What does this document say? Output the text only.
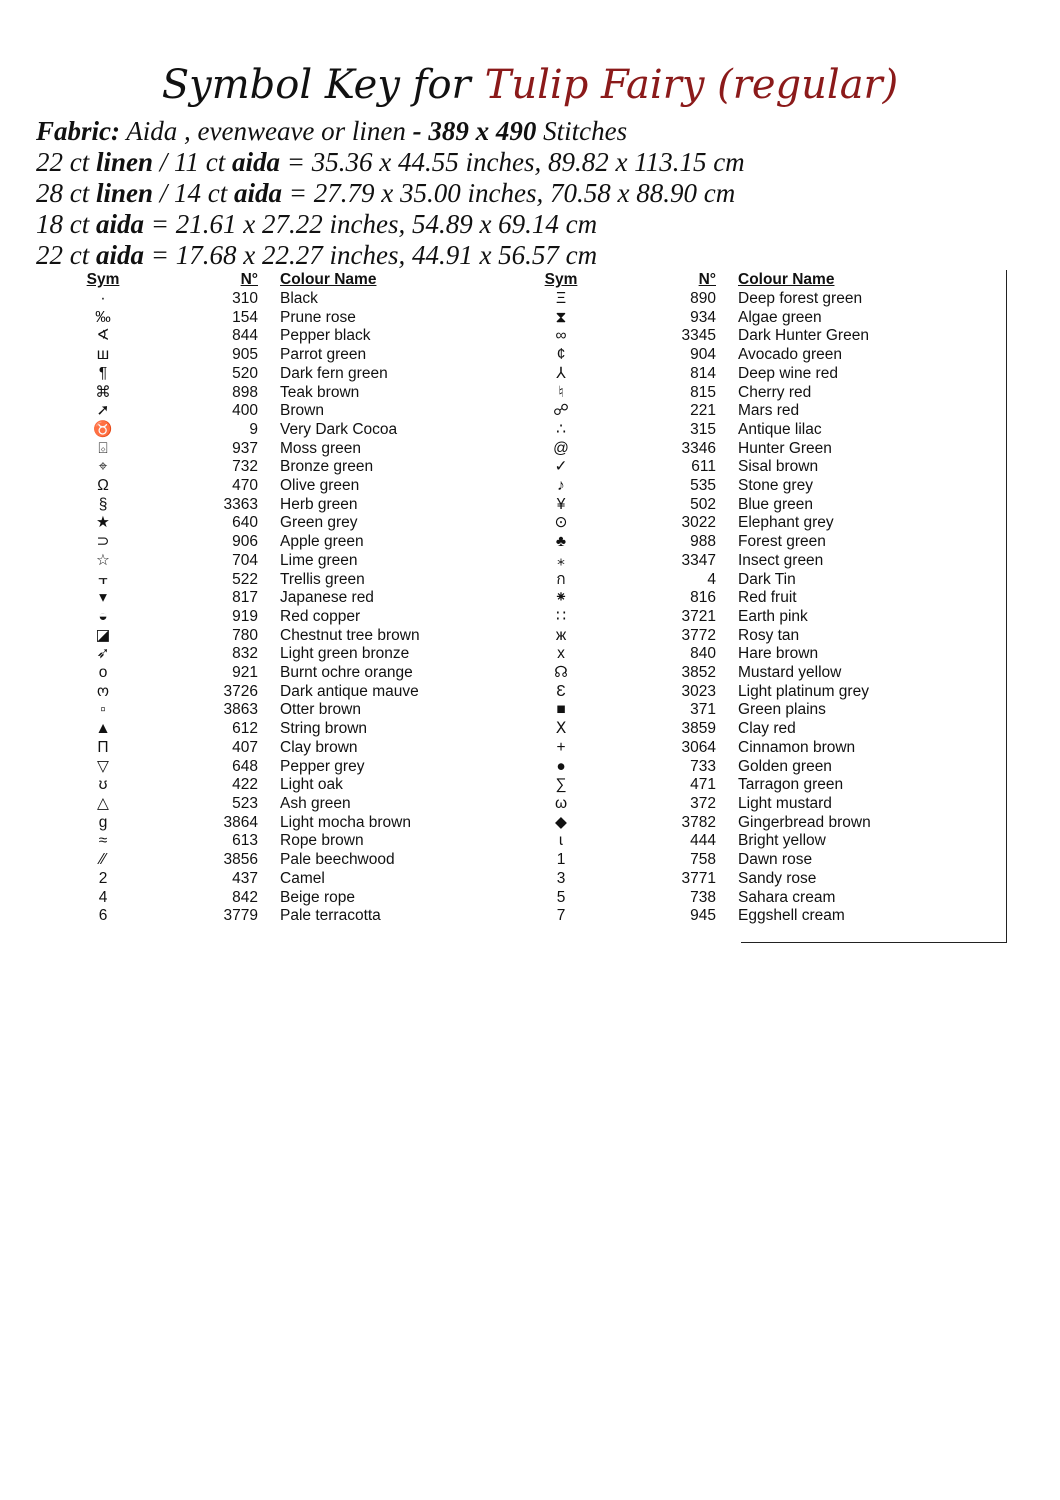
Symbol Key for Tulip Fairy (regular)
Fabric: Aida , evenweave or linen - 389 x 490 Stitches
22 ct linen / 11 ct aida = 35.36 x 44.55 inches, 89.82 x 113.15 cm
28 ct linen / 14 ct aida = 27.79 x 35.00 inches, 70.58 x 88.90 cm
18 ct aida = 21.61 x 27.22 inches, 54.89 x 69.14 cm
22 ct aida = 17.68 x 22.27 inches, 44.91 x 56.57 cm
Sym	N°		Colour Name		Sym	N°		Colour Name
·	310		Black		Ξ	890		Deep forest green
‰	154		Prune rose		⧗	934		Algae green
∢	844		Pepper black		∞	3345		Dark Hunter Green
ш	905		Parrot green		¢	904		Avocado green
¶	520		Dark fern green		⅄	814		Deep wine red
⌘	898		Teak brown		♮	815		Cherry red
➚	400		Brown		☍	221		Mars red
♉	9		Very Dark Cocoa		∴	315		Antique lilac
⌺	937		Moss green		@	3346		Hunter Green
⌖	732		Bronze green		✓	611		Sisal brown
Ω	470		Olive green		♪	535		Stone grey
§	3363		Herb green		¥	502		Blue green
★	640		Green grey		⊙	3022		Elephant grey
⊃	906		Apple green		♣	988		Forest green
☆	704		Lime green		⁎	3347		Insect green
⫟	522		Trellis green		ก	4		Dark Tin
▾	817		Japanese red		⁕	816		Red fruit
◒	919		Red copper		∷	3721		Earth pink
◪	780		Chestnut tree brown		ж	3772		Rosy tan
➶	832		Light green bronze		x	840		Hare brown
o	921		Burnt ochre orange		☊	3852		Mustard yellow
ო	3726		Dark antique mauve		Ɛ	3023		Light platinum grey
▫	3863		Otter brown		■	371		Green plains
▲	612		String brown		Ⅹ	3859		Clay red
Π	407		Clay brown		+	3064		Cinnamon brown
▽	648		Pepper grey		●	733		Golden green
ʊ	422		Light oak		∑	471		Tarragon green
△	523		Ash green		ω	372		Light mustard
g	3864		Light mocha brown		◆	3782		Gingerbread brown
≈	613		Rope brown		ɩ	444		Bright yellow
⁄⁄	3856		Pale beechwood		1	758		Dawn rose
2	437		Camel		3	3771		Sandy rose
4	842		Beige rope		5	738		Sahara cream
6	3779		Pale terracotta		7	945		Eggshell cream
